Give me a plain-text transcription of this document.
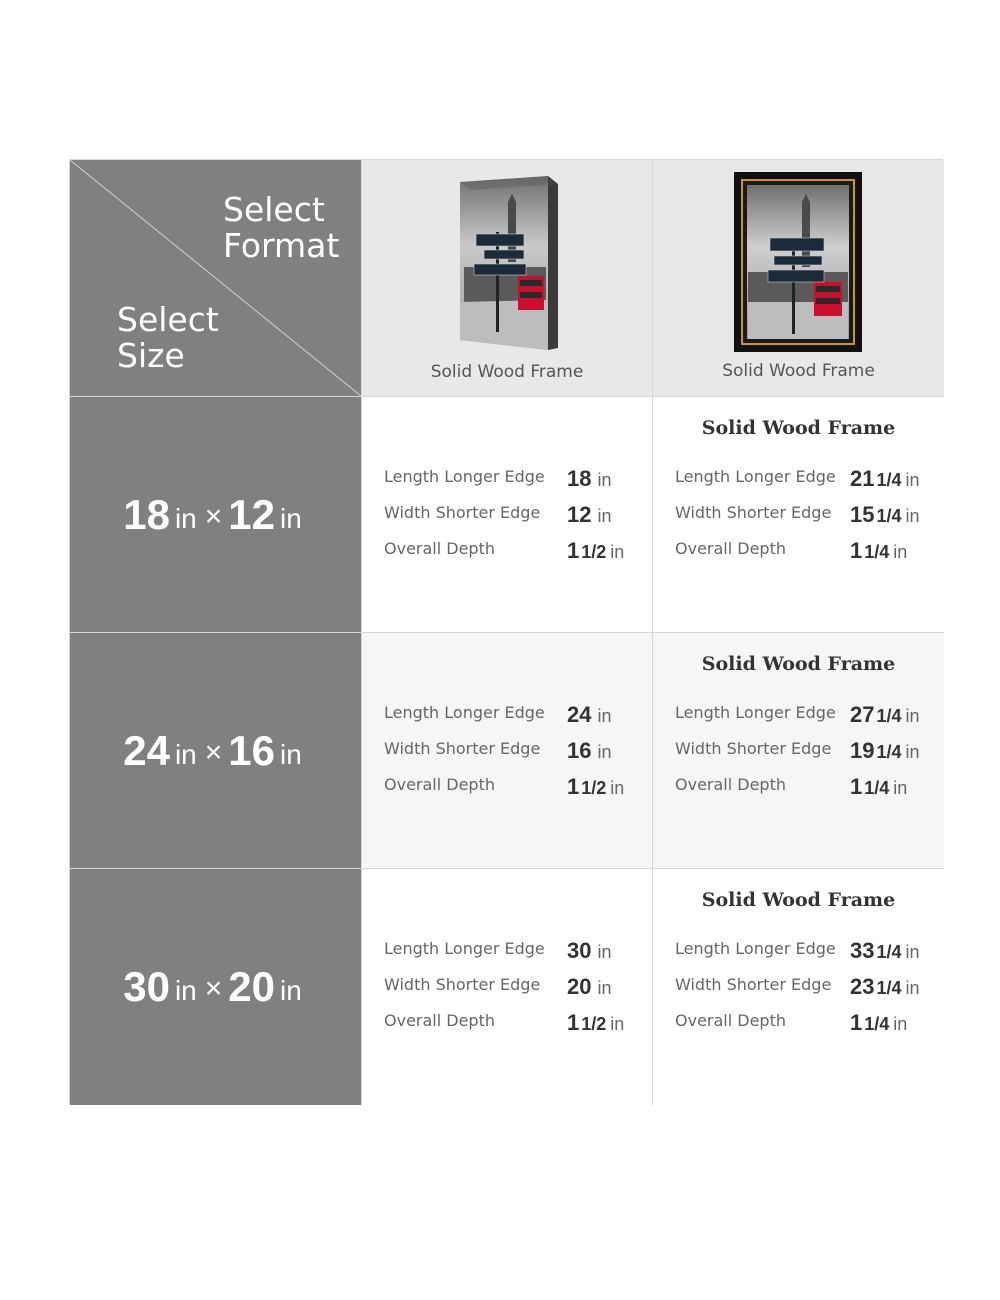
Select
Format
Select
Size	Solid Wood Frame	Solid Wood Frame
18 in × 12 in
Length Longer Edge 18 in
Width Shorter Edge 12 in
Overall Depth	1 1/2 in
Solid Wood Frame
Length Longer Edge 21 1/4 in
Width Shorter Edge 15 1/4 in
Overall Depth	1 1/4 in
24 in × 16 in
Length Longer Edge 24 in
Width Shorter Edge 16 in
Overall Depth	1 1/2 in
Solid Wood Frame
Length Longer Edge 27 1/4 in
Width Shorter Edge 19 1/4 in
Overall Depth	1 1/4 in
30 in × 20 in
Length Longer Edge 30 in
Width Shorter Edge 20 in
Overall Depth	1 1/2 in
Solid Wood Frame
Length Longer Edge 33 1/4 in
Width Shorter Edge 23 1/4 in
Overall Depth	1 1/4 in
